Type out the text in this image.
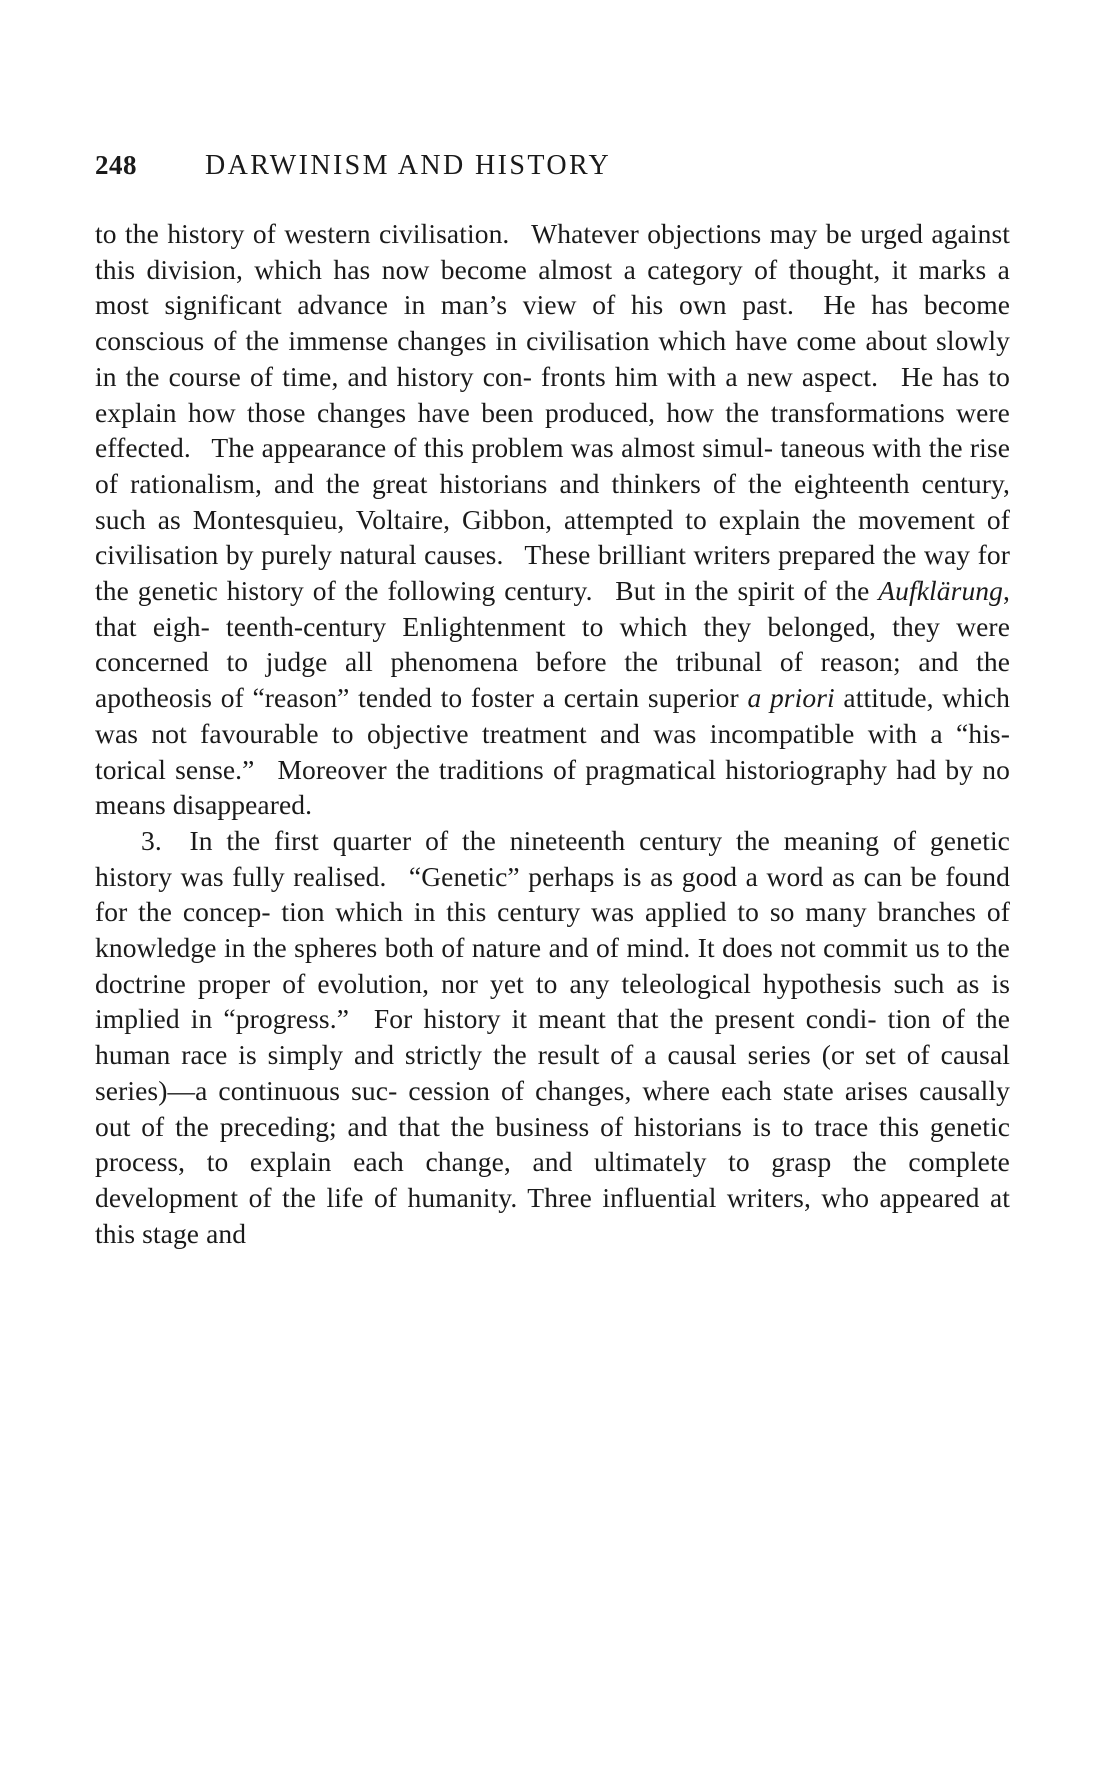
248	DARWINISM AND HISTORY

to the history of western civilisation.  Whatever objections may be urged against this division, which has now become almost a category of thought, it marks a most significant advance in man’s view of his own past.  He has become conscious of the immense changes in civilisation which have come about slowly in the course of time, and history con‐ fronts him with a new aspect.  He has to explain how those changes have been produced, how the transformations were effected.  The appearance of this problem was almost simul- taneous with the rise of rationalism, and the great historians and thinkers of the eighteenth century, such as Montesquieu, Voltaire, Gibbon, attempted to explain the movement of civilisation by purely natural causes.  These brilliant writers prepared the way for the genetic history of the following century.  But in the spirit of the Aufklärung, that eigh- teenth-century Enlightenment to which they belonged, they were concerned to judge all phenomena before the tribunal of reason; and the apotheosis of “reason” tended to foster a certain superior a priori attitude, which was not favourable to objective treatment and was incompatible with a “his- torical sense.”  Moreover the traditions of pragmatical historiography had by no means disappeared.

3.  In the first quarter of the nineteenth century the meaning of genetic history was fully realised.  “Genetic” perhaps is as good a word as can be found for the concep- tion which in this century was applied to so many branches of knowledge in the spheres both of nature and of mind. It does not commit us to the doctrine proper of evolution, nor yet to any teleological hypothesis such as is implied in “progress.”  For history it meant that the present condi- tion of the human race is simply and strictly the result of a causal series (or set of causal series)—a continuous suc- cession of changes, where each state arises causally out of the preceding; and that the business of historians is to trace this genetic process, to explain each change, and ultimately to grasp the complete development of the life of humanity. Three influential writers, who appeared at this stage and
